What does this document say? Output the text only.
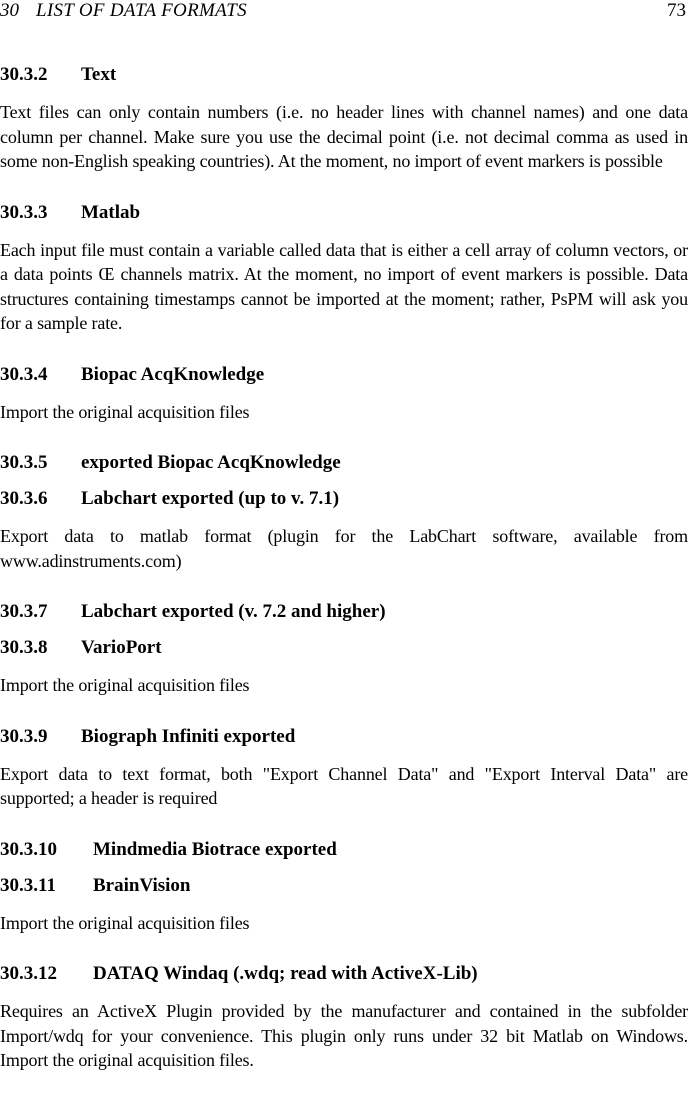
30 LIST OF DATA FORMATS	73
30.3.2	Text

Text files can only contain numbers (i.e. no header lines with channel names) and one data column per channel. Make sure you use the decimal point (i.e. not decimal comma as used in some non-English speaking countries). At the moment, no import of event markers is possible

30.3.3	Matlab

Each input file must contain a variable called data that is either a cell array of column vectors, or a data points Œ channels matrix. At the moment, no import of event markers is possible. Data structures containing timestamps cannot be imported at the moment; rather, PsPM will ask you for a sample rate.

30.3.4	Biopac AcqKnowledge

Import the original acquisition files

30.3.5	exported Biopac AcqKnowledge
30.3.6	Labchart exported (up to v. 7.1)

Export data to matlab format (plugin for the LabChart software, available from www.adinstruments.com)

30.3.7	Labchart exported (v. 7.2 and higher)
30.3.8	VarioPort

Import the original acquisition files

30.3.9	Biograph Infiniti exported

Export data to text format, both "Export Channel Data" and "Export Interval Data" are supported; a header is required

30.3.10	Mindmedia Biotrace exported
30.3.11	BrainVision

Import the original acquisition files

30.3.12	DATAQ Windaq (.wdq; read with ActiveX-Lib)

Requires an ActiveX Plugin provided by the manufacturer and contained in the subfolder Import/wdq for your convenience. This plugin only runs under 32 bit Matlab on Windows. Import the original acquisition files.
